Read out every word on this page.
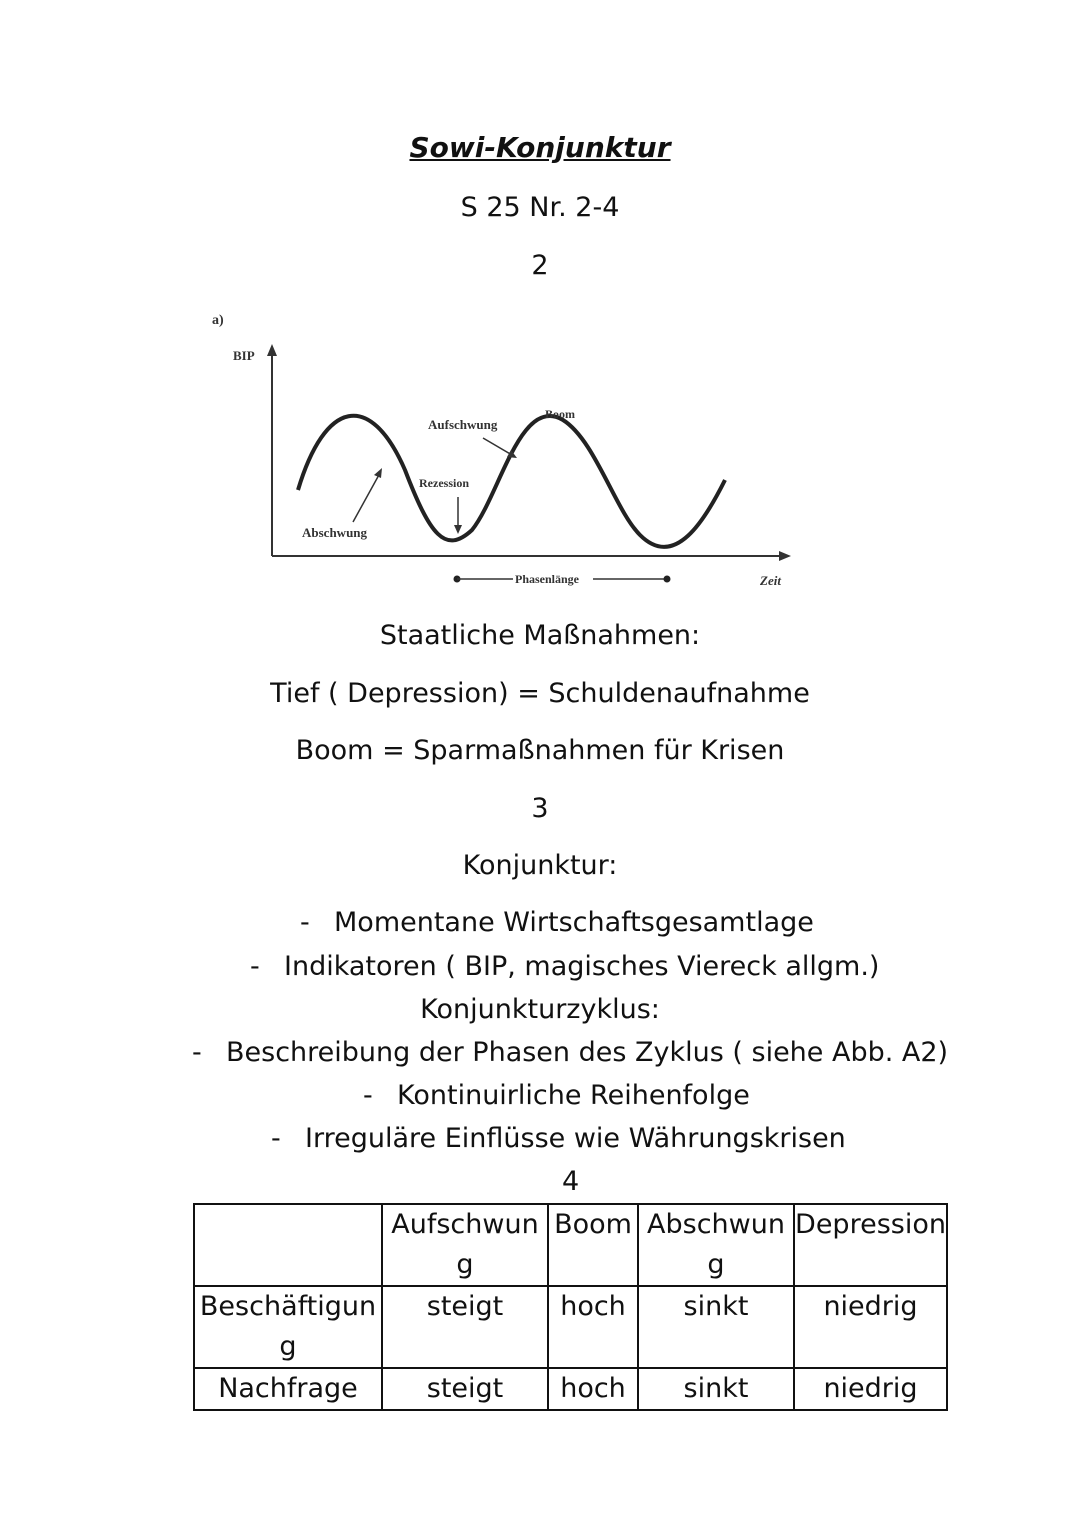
Sowi-Konjunktur
S 25 Nr. 2-4
2
a)
BIP
Abschwung
Aufschwung
Rezession
Boom
Phasenlänge	Zeit
Staatliche Maßnahmen:
Tief ( Depression) = Schuldenaufnahme
Boom = Sparmaßnahmen für Krisen
3
Konjunktur:
- Momentane Wirtschaftsgesamtlage
- Indikatoren ( BIP, magisches Viereck allgm.)
Konjunkturzyklus:
- Beschreibung der Phasen des Zyklus ( siehe Abb. A2)
- Kontinuirliche Reihenfolge
- Irreguläre Einflüsse wie Währungskrisen
4
	Aufschwung	Boom	Abschwung	Depression
Beschäftigung	steigt	hoch	sinkt	niedrig
Nachfrage	steigt	hoch	sinkt	niedrig
